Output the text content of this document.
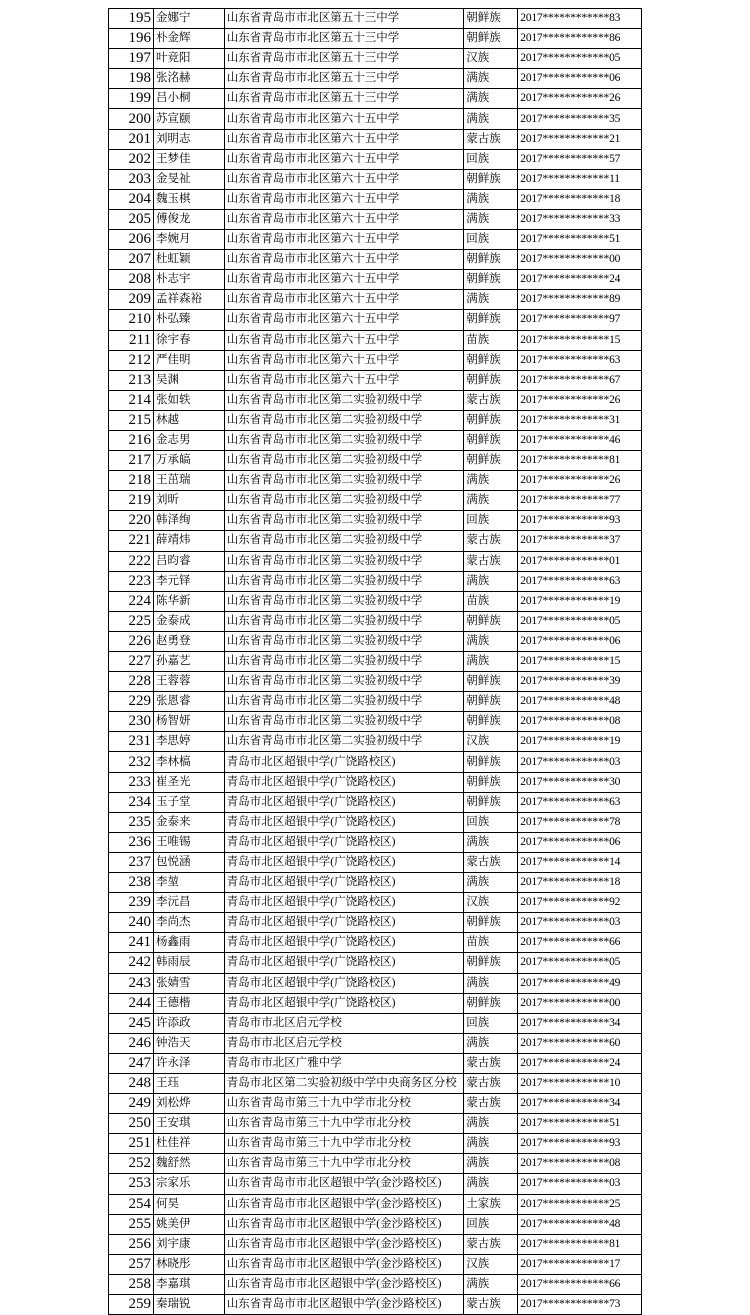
195	金娜宁	山东省青岛市市北区第五十三中学	朝鲜族	2017************83
196	朴金辉	山东省青岛市市北区第五十三中学	朝鲜族	2017************86
197	叶竞阳	山东省青岛市市北区第五十三中学	汉族	2017************05
198	张洺赫	山东省青岛市市北区第五十三中学	满族	2017************06
199	吕小桐	山东省青岛市市北区第五十三中学	满族	2017************26
200	苏宣颐	山东省青岛市市北区第六十五中学	满族	2017************35
201	刘明志	山东省青岛市市北区第六十五中学	蒙古族	2017************21
202	王梦佳	山东省青岛市市北区第六十五中学	回族	2017************57
203	金旻祉	山东省青岛市市北区第六十五中学	朝鲜族	2017************11
204	魏玉棋	山东省青岛市市北区第六十五中学	满族	2017************18
205	傅俊龙	山东省青岛市市北区第六十五中学	满族	2017************33
206	李婉月	山东省青岛市市北区第六十五中学	回族	2017************51
207	杜虹颖	山东省青岛市市北区第六十五中学	朝鲜族	2017************00
208	朴志宇	山东省青岛市市北区第六十五中学	朝鲜族	2017************24
209	孟祥森裕	山东省青岛市市北区第六十五中学	满族	2017************89
210	朴弘臻	山东省青岛市市北区第六十五中学	朝鲜族	2017************97
211	徐宇春	山东省青岛市市北区第六十五中学	苗族	2017************15
212	严佳明	山东省青岛市市北区第六十五中学	朝鲜族	2017************63
213	吴渊	山东省青岛市市北区第六十五中学	朝鲜族	2017************67
214	张如轶	山东省青岛市市北区第二实验初级中学	蒙古族	2017************26
215	林越	山东省青岛市市北区第二实验初级中学	朝鲜族	2017************31
216	金志男	山东省青岛市市北区第二实验初级中学	朝鲜族	2017************46
217	万承皜	山东省青岛市市北区第二实验初级中学	朝鲜族	2017************81
218	王茁瑞	山东省青岛市市北区第二实验初级中学	满族	2017************26
219	刘昕	山东省青岛市市北区第二实验初级中学	满族	2017************77
220	韩泽绚	山东省青岛市市北区第二实验初级中学	回族	2017************93
221	薛靖炜	山东省青岛市市北区第二实验初级中学	蒙古族	2017************37
222	吕昀睿	山东省青岛市市北区第二实验初级中学	蒙古族	2017************01
223	李元铎	山东省青岛市市北区第二实验初级中学	满族	2017************63
224	陈华新	山东省青岛市市北区第二实验初级中学	苗族	2017************19
225	金泰成	山东省青岛市市北区第二实验初级中学	朝鲜族	2017************05
226	赵勇登	山东省青岛市市北区第二实验初级中学	满族	2017************06
227	孙嘉艺	山东省青岛市市北区第二实验初级中学	满族	2017************15
228	王蓉蓉	山东省青岛市市北区第二实验初级中学	朝鲜族	2017************39
229	张恩睿	山东省青岛市市北区第二实验初级中学	朝鲜族	2017************48
230	杨智妍	山东省青岛市市北区第二实验初级中学	朝鲜族	2017************08
231	李思婷	山东省青岛市市北区第二实验初级中学	汉族	2017************19
232	李林槁	青岛市北区超银中学(广饶路校区)	朝鲜族	2017************03
233	崔圣光	青岛市北区超银中学(广饶路校区)	朝鲜族	2017************30
234	玉子堂	青岛市北区超银中学(广饶路校区)	朝鲜族	2017************63
235	金泰来	青岛市北区超银中学(广饶路校区)	回族	2017************78
236	王唯锡	青岛市北区超银中学(广饶路校区)	满族	2017************06
237	包悦涵	青岛市北区超银中学(广饶路校区)	蒙古族	2017************14
238	李堃	青岛市北区超银中学(广饶路校区)	满族	2017************18
239	李沅昌	青岛市北区超银中学(广饶路校区)	汉族	2017************92
240	李尚杰	青岛市北区超银中学(广饶路校区)	朝鲜族	2017************03
241	杨鑫雨	青岛市北区超银中学(广饶路校区)	苗族	2017************66
242	韩雨辰	青岛市北区超银中学(广饶路校区)	朝鲜族	2017************05
243	张婧雪	青岛市北区超银中学(广饶路校区)	满族	2017************49
244	王德楷	青岛市北区超银中学(广饶路校区)	朝鲜族	2017************00
245	许添政	青岛市市北区启元学校	回族	2017************34
246	钟浩天	青岛市市北区启元学校	满族	2017************60
247	许永泽	青岛市市北区广雅中学	蒙古族	2017************24
248	王珏	青岛市北区第二实验初级中学中央商务区分校	蒙古族	2017************10
249	刘松烨	山东省青岛市第三十九中学市北分校	蒙古族	2017************34
250	王安琪	山东省青岛市第三十九中学市北分校	满族	2017************51
251	杜佳祥	山东省青岛市第三十九中学市北分校	满族	2017************93
252	魏舒然	山东省青岛市第三十九中学市北分校	满族	2017************08
253	宗家乐	山东省青岛市市北区超银中学(金沙路校区)	满族	2017************03
254	何昊	山东省青岛市市北区超银中学(金沙路校区)	土家族	2017************25
255	姚美伊	山东省青岛市市北区超银中学(金沙路校区)	回族	2017************48
256	刘宇康	山东省青岛市市北区超银中学(金沙路校区)	蒙古族	2017************81
257	林晓彤	山东省青岛市市北区超银中学(金沙路校区)	汉族	2017************17
258	李嘉琪	山东省青岛市市北区超银中学(金沙路校区)	满族	2017************66
259	秦瑞锐	山东省青岛市市北区超银中学(金沙路校区)	蒙古族	2017************73
